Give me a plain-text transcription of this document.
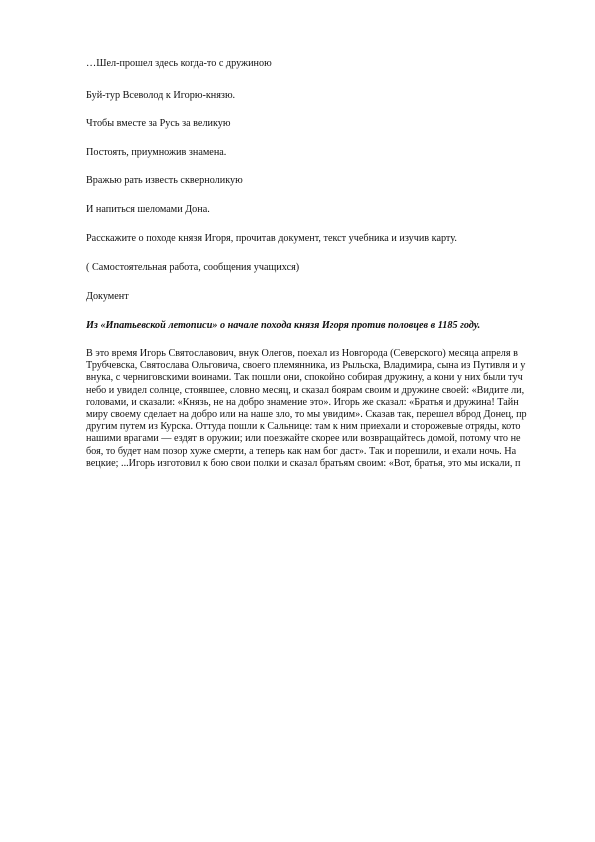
…Шел-прошел здесь когда-то с дружиною

Буй-тур Всеволод к Игорю-князю.

Чтобы вместе за Русь за великую

Постоять, приумножив знамена.

Вражью рать известь скверноликую

И напиться шеломами Дона.

Расскажите о походе князя Игоря, прочитав документ, текст учебника и изучив карту.

( Самостоятельная работа, сообщения учащихся)

Документ

Из «Ипатьевской летописи» о начале похода князя Игоря против половцев в 1185 году.

В это время Игорь Святославович, внук Олегов, поехал из Новгорода (Северского) месяца апреля в
Трубчевска, Святослава Ольговича, своего племянника, из Рыльска, Владимира, сына из Путивля и у
внука, с черниговскими воинами. Так пошли они, спокойно собирая дружину, а кони у них были туч
небо и увидел солнце, стоявшее, словно месяц, и сказал боярам своим и дружине своей: «Видите ли,
головами, и сказали: «Князь, не на добро знамение это». Игорь же сказал: «Братья и дружина! Тайн
миру своему сделает на добро или на наше зло, то мы увидим». Сказав так, перешел вброд Донец, пр
другим путем из Курска. Оттуда пошли к Сальнице: там к ним приехали и сторожевые отряды, кото
нашими врагами — ездят в оружии; или поезжайте скорее или возвращайтесь домой, потому что не
боя, то будет нам позор хуже смерти, а теперь как нам бог даст». Так и порешили, и ехали ночь. На
вецкие; ...Игорь изготовил к бою свои полки и сказал братьям своим: «Вот, братья, это мы искали, п
